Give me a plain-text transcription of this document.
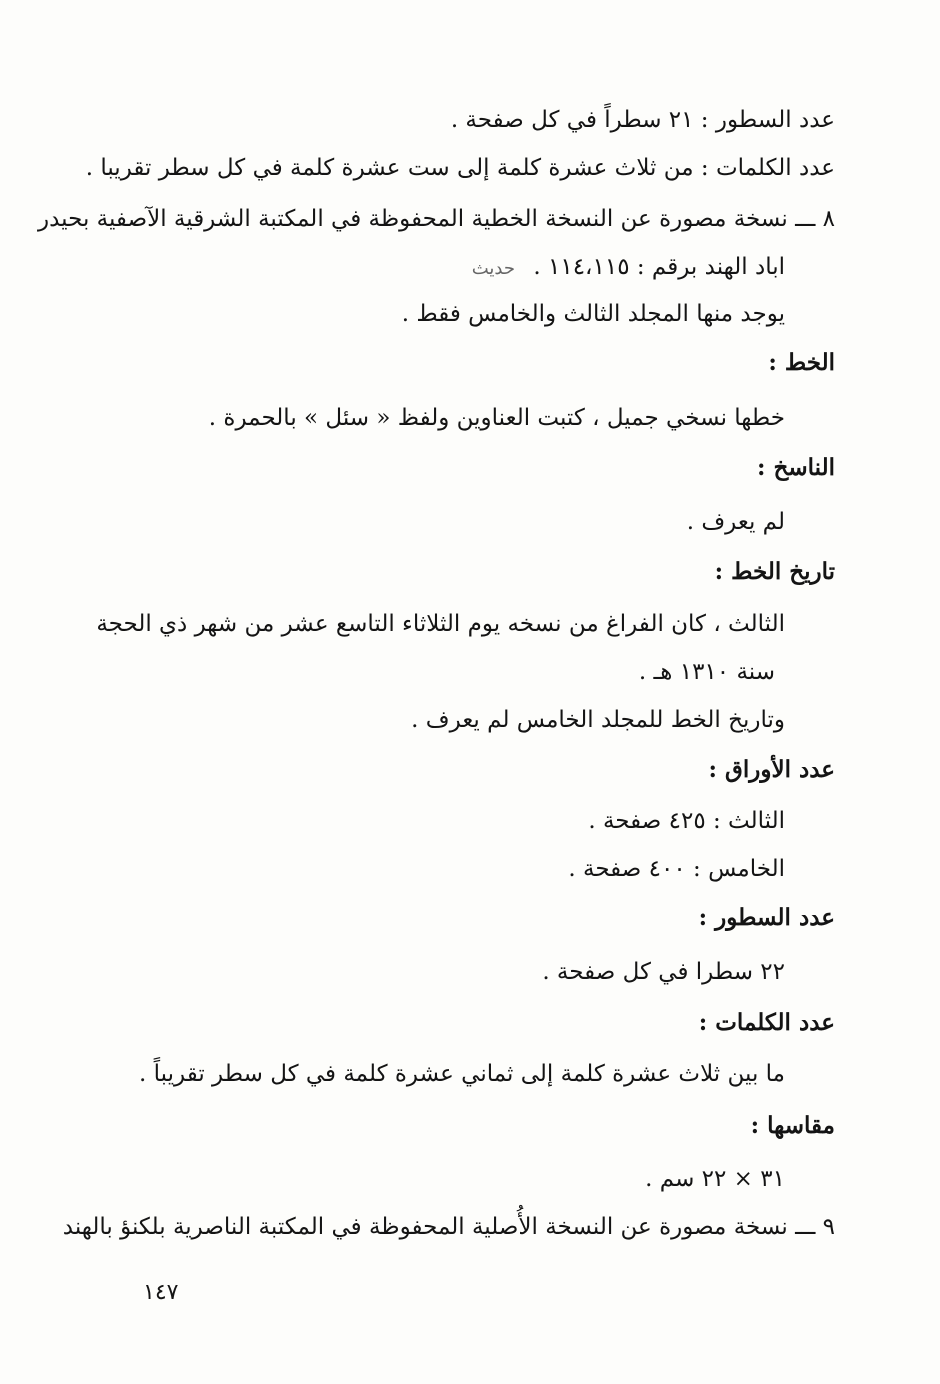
عدد السطور : ٢١ سطراً في كل صفحة .

عدد الكلمات : من ثلاث عشرة كلمة إلى ست عشرة كلمة في كل سطر تقريبا .

٨ ـــ نسخة مصورة عن النسخة الخطية المحفوظة في المكتبة الشرقية الآصفية بحيدر

اباد الهند برقم : ١١٤،١١٥ .

حديث

يوجد منها المجلد الثالث والخامس فقط .

الخط :

خطها نسخي جميل ، كتبت العناوين ولفظ « سئل » بالحمرة .

الناسخ :

لم يعرف .

تاريخ الخط :

الثالث ، كان الفراغ من نسخه يوم الثلاثاء التاسع عشر من شهر ذي الحجة

سنة ١٣١٠ هـ .

وتاريخ الخط للمجلد الخامس لم يعرف .

عدد الأوراق :

الثالث : ٤٢٥ صفحة .

الخامس : ٤٠٠ صفحة .

عدد السطور :

٢٢ سطرا في كل صفحة .

عدد الكلمات :

ما بين ثلاث عشرة كلمة إلى ثماني عشرة كلمة في كل سطر تقريباً .

مقاسها :

٣١ × ٢٢ سم .

٩ ـــ نسخة مصورة عن النسخة الأُصلية المحفوظة في المكتبة الناصرية بلكنؤ بالهند

١٤٧
